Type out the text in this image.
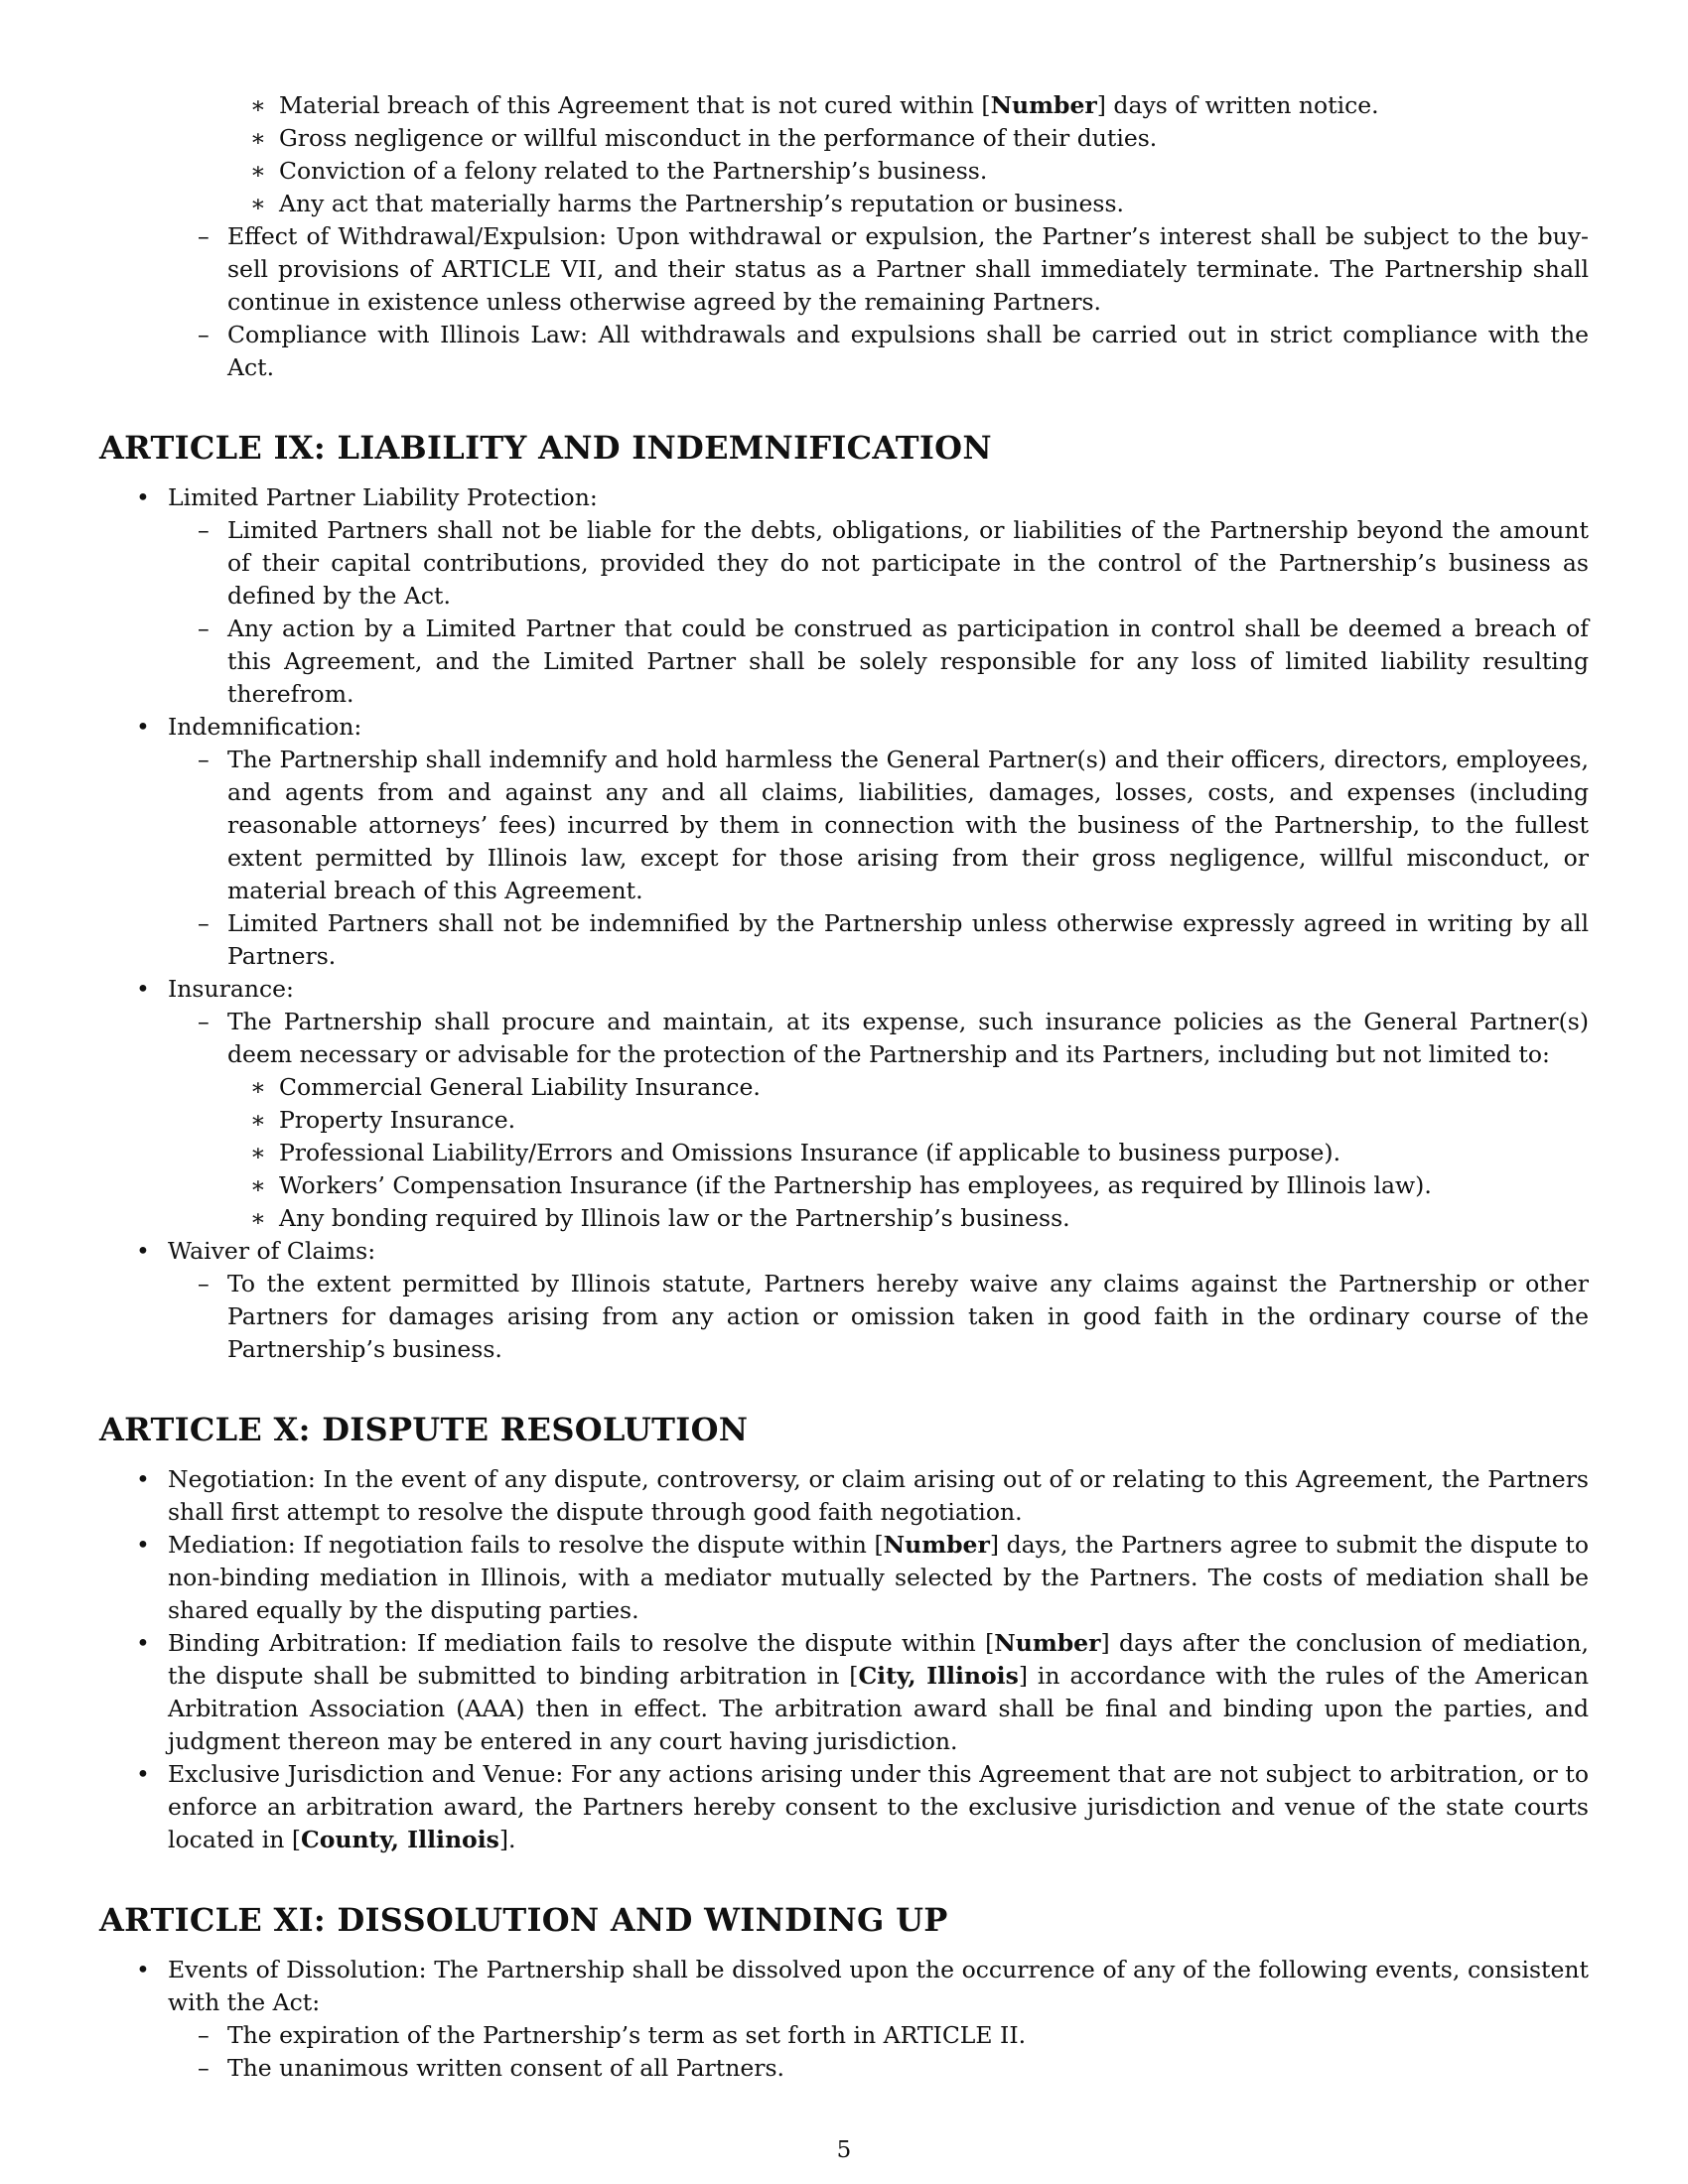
∗ Material breach of this Agreement that is not cured within [Number] days of written notice.
∗ Gross negligence or willful misconduct in the performance of their duties.
∗ Conviction of a felony related to the Partnership’s business.
∗ Any act that materially harms the Partnership’s reputation or business.
– Effect of Withdrawal/Expulsion: Upon withdrawal or expulsion, the Partner’s interest shall be subject to the buy-sell provisions of ARTICLE VII, and their status as a Partner shall immediately terminate. The Partnership shall continue in existence unless otherwise agreed by the remaining Partners.
– Compliance with Illinois Law: All withdrawals and expulsions shall be carried out in strict compliance with the Act.
ARTICLE IX: LIABILITY AND INDEMNIFICATION
• Limited Partner Liability Protection:
– Limited Partners shall not be liable for the debts, obligations, or liabilities of the Partnership beyond the amount of their capital contributions, provided they do not participate in the control of the Partnership’s business as defined by the Act.
– Any action by a Limited Partner that could be construed as participation in control shall be deemed a breach of this Agreement, and the Limited Partner shall be solely responsible for any loss of limited liability resulting therefrom.
• Indemnification:
– The Partnership shall indemnify and hold harmless the General Partner(s) and their officers, directors, employees, and agents from and against any and all claims, liabilities, damages, losses, costs, and expenses (including reasonable attorneys’ fees) incurred by them in connection with the business of the Partnership, to the fullest extent permitted by Illinois law, except for those arising from their gross negligence, willful misconduct, or material breach of this Agreement.
– Limited Partners shall not be indemnified by the Partnership unless otherwise expressly agreed in writing by all Partners.
• Insurance:
– The Partnership shall procure and maintain, at its expense, such insurance policies as the General Partner(s) deem necessary or advisable for the protection of the Partnership and its Partners, including but not limited to:
∗ Commercial General Liability Insurance.
∗ Property Insurance.
∗ Professional Liability/Errors and Omissions Insurance (if applicable to business purpose).
∗ Workers’ Compensation Insurance (if the Partnership has employees, as required by Illinois law).
∗ Any bonding required by Illinois law or the Partnership’s business.
• Waiver of Claims:
– To the extent permitted by Illinois statute, Partners hereby waive any claims against the Partnership or other Partners for damages arising from any action or omission taken in good faith in the ordinary course of the Partnership’s business.
ARTICLE X: DISPUTE RESOLUTION
• Negotiation: In the event of any dispute, controversy, or claim arising out of or relating to this Agreement, the Partners shall first attempt to resolve the dispute through good faith negotiation.
• Mediation: If negotiation fails to resolve the dispute within [Number] days, the Partners agree to submit the dispute to non-binding mediation in Illinois, with a mediator mutually selected by the Partners. The costs of mediation shall be shared equally by the disputing parties.
• Binding Arbitration: If mediation fails to resolve the dispute within [Number] days after the conclusion of mediation, the dispute shall be submitted to binding arbitration in [City, Illinois] in accordance with the rules of the American Arbitration Association (AAA) then in effect. The arbitration award shall be final and binding upon the parties, and judgment thereon may be entered in any court having jurisdiction.
• Exclusive Jurisdiction and Venue: For any actions arising under this Agreement that are not subject to arbitration, or to enforce an arbitration award, the Partners hereby consent to the exclusive jurisdiction and venue of the state courts located in [County, Illinois].
ARTICLE XI: DISSOLUTION AND WINDING UP
• Events of Dissolution: The Partnership shall be dissolved upon the occurrence of any of the following events, consistent with the Act:
– The expiration of the Partnership’s term as set forth in ARTICLE II.
– The unanimous written consent of all Partners.
5
